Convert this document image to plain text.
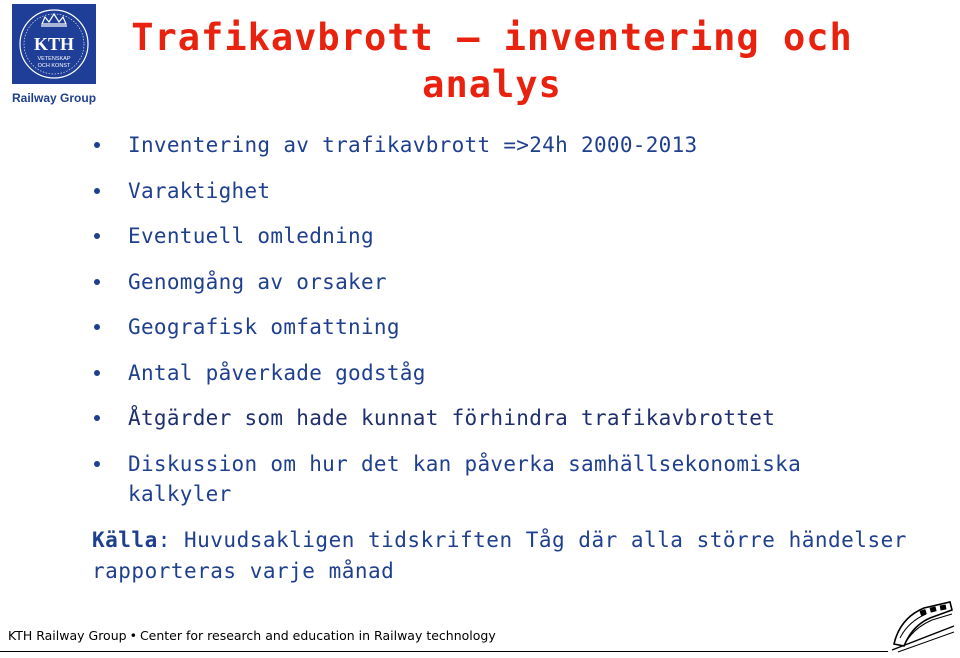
KTH
VETENSKAP
OCH KONST
Railway Group
Trafikavbrott – inventering och
analys
Inventering av trafikavbrott =>24h 2000-2013
Varaktighet
Eventuell omledning
Genomgång av orsaker
Geografisk omfattning
Antal påverkade godståg
Åtgärder som hade kunnat förhindra trafikavbrottet
Diskussion om hur det kan påverka samhällsekonomiska kalkyler
Källa: Huvudsakligen tidskriften Tåg där alla större händelser rapporteras varje månad
KTH Railway Group • Center for research and education in Railway technology
